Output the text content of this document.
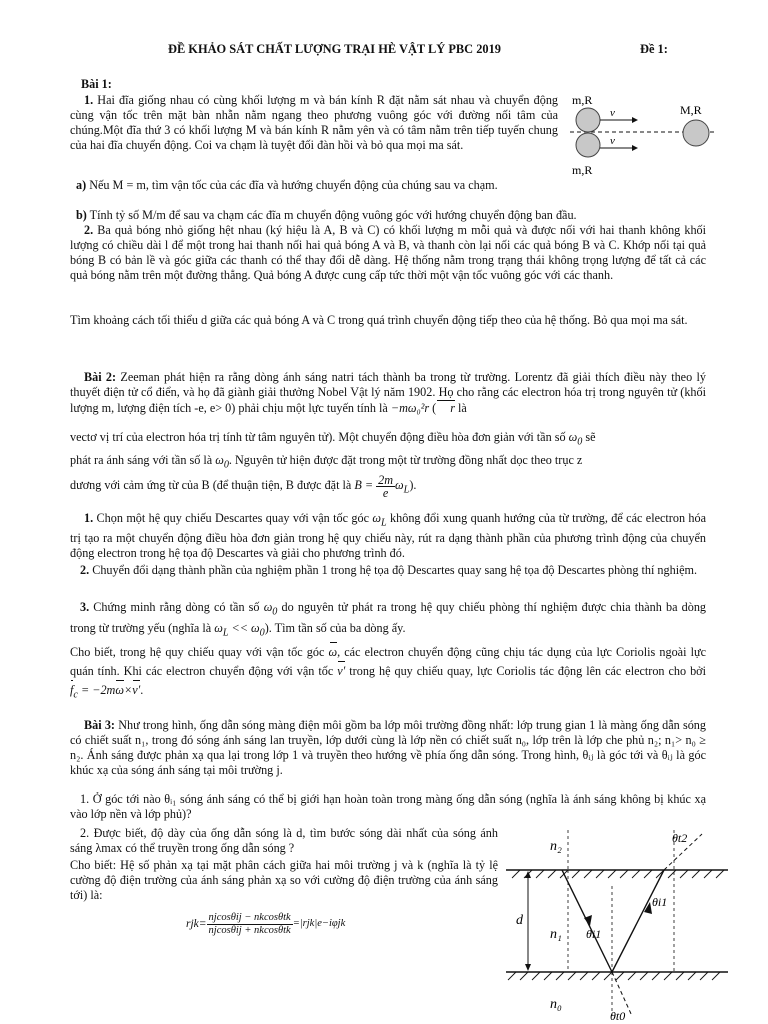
ĐỀ KHẢO SÁT CHẤT LƯỢNG TRẠI HÈ VẬT LÝ PBC 2019	Đề 1:
Bài 1:

1. Hai đĩa giống nhau có cùng khối lượng m và bán kính R đặt nằm sát nhau và chuyển động cùng vận tốc trên mặt bàn nhẵn nằm ngang theo phương vuông góc với đường nối tâm của chúng.Một đĩa thứ 3 có khối lượng M và bán kính R nằm yên và có tâm nằm trên tiếp tuyến chung của hai đĩa chuyển động. Coi va chạm là tuyệt đối đàn hồi và bỏ qua mọi ma sát.

m,R
m,R
M,R
v
v

a) Nếu M = m, tìm vận tốc của các đĩa và hướng chuyển động của chúng sau va chạm.

b) Tính tỷ số M/m để sau va chạm các đĩa m chuyển động vuông góc với hướng chuyển động ban đầu.

2. Ba quả bóng nhỏ giống hệt nhau (ký hiệu là A, B và C) có khối lượng m mỗi quả và được nối với hai thanh không khối lượng có chiều dài l để một trong hai thanh nối hai quả bóng A và B, và thanh còn lại nối các quả bóng B và C. Khớp nối tại quả bóng B có bản lề và góc giữa các thanh có thể thay đổi dễ dàng. Hệ thống nằm trong trạng thái không trọng lượng để tất cả các quả bóng nằm trên một đường thẳng. Quả bóng A được cung cấp tức thời một vận tốc vuông góc với các thanh.

Tìm khoảng cách tối thiểu d giữa các quả bóng A và C trong quá trình chuyển động tiếp theo của hệ thống. Bỏ qua mọi ma sát.

Bài 2: Zeeman phát hiện ra rằng dòng ánh sáng natri tách thành ba trong từ trường. Lorentz đã giải thích điều này theo lý thuyết điện tử cổ điển, và họ đã giành giải thưởng Nobel Vật lý năm 1902. Họ cho rằng các electron hóa trị trong nguyên tử (khối lượng m, lượng điện tích -e, e> 0) phải chịu một lực tuyến tính là −mω₀²r ( r là

vectơ vị trí của electron hóa trị tính từ tâm nguyên tử). Một chuyển động điều hòa đơn giản với tần số $\omega_0$ sẽ

phát ra ánh sáng với tần số là $\omega_0$. Nguyên tử hiện được đặt trong một từ trường đồng nhất dọc theo trục z

dương với cảm ứng từ của B (để thuận tiện, B được đặt là $B = \frac{2m}{e} \omega_L$).

1. Chọn một hệ quy chiếu Descartes quay với vận tốc góc $\omega_L$ không đổi xung quanh hướng của từ trường, để các electron hóa trị tạo ra một chuyển động điều hòa đơn giản trong hệ quy chiếu này, rút ra dạng thành phần của phương trình động của chuyển động electron trong hệ tọa độ Descartes và giải cho phương trình đó.

2. Chuyển đổi dạng thành phần của nghiệm phần 1 trong hệ tọa độ Descartes quay sang hệ tọa độ Descartes phòng thí nghiệm.

3. Chứng minh rằng dòng có tần số $\omega_0$ do nguyên tử phát ra trong hệ quy chiếu phòng thí nghiệm được chia thành ba dòng trong từ trường yếu (nghĩa là $\omega_L << \omega_0$). Tìm tần số của ba dòng ấy.

Cho biết, trong hệ quy chiếu quay với vận tốc góc ω, các electron chuyển động cũng chịu tác dụng của lực Coriolis ngoài lực quán tính. Khi các electron chuyển động với vận tốc v′ trong hệ quy chiếu quay, lực Coriolis tác động lên các electron cho bởi $f_c = -2m\omega\times v'$.

Bài 3: Như trong hình, ống dẫn sóng màng điện môi gồm ba lớp môi trường đồng nhất: lớp trung gian 1 là màng ống dẫn sóng có chiết suất n₁, trong đó sóng ánh sáng lan truyền, lớp dưới cùng là lớp nền có chiết suất n₀, lớp trên là lớp che phủ n₂; n₁> n₀ ≥ n₂. Ánh sáng được phản xạ qua lại trong lớp 1 và truyền theo hướng về phía ống dẫn sóng. Trong hình, θᵢⱼ là góc tới và θᵢⱼ là góc khúc xạ của sóng ánh sáng tại môi trường j.

1. Ở góc tới nào θᵢ₁ sóng ánh sáng có thể bị giới hạn hoàn toàn trong màng ống dẫn sóng (nghĩa là ánh sáng không bị khúc xạ vào lớp nền và lớp phủ)?

2. Được biết, độ dày của ống dẫn sóng là d, tìm bước sóng dài nhất của sóng ánh sáng λmax có thể truyền trong ống dẫn sóng ?

Cho biết: Hệ số phản xạ tại mặt phân cách giữa hai môi trường j và k (nghĩa là tỷ lệ cường độ điện trường của ánh sáng phản xạ so với cường độ điện trường của ánh sáng tới) là:

$rjk= \frac{\text{njcosθij − nkcosθtk}}{\text{njcosθij + nkcosθtk}} =|rjk|e-i\varphi jk$
n₂
n₁
n₀
d
θt2
θi1
θi1
θt0
